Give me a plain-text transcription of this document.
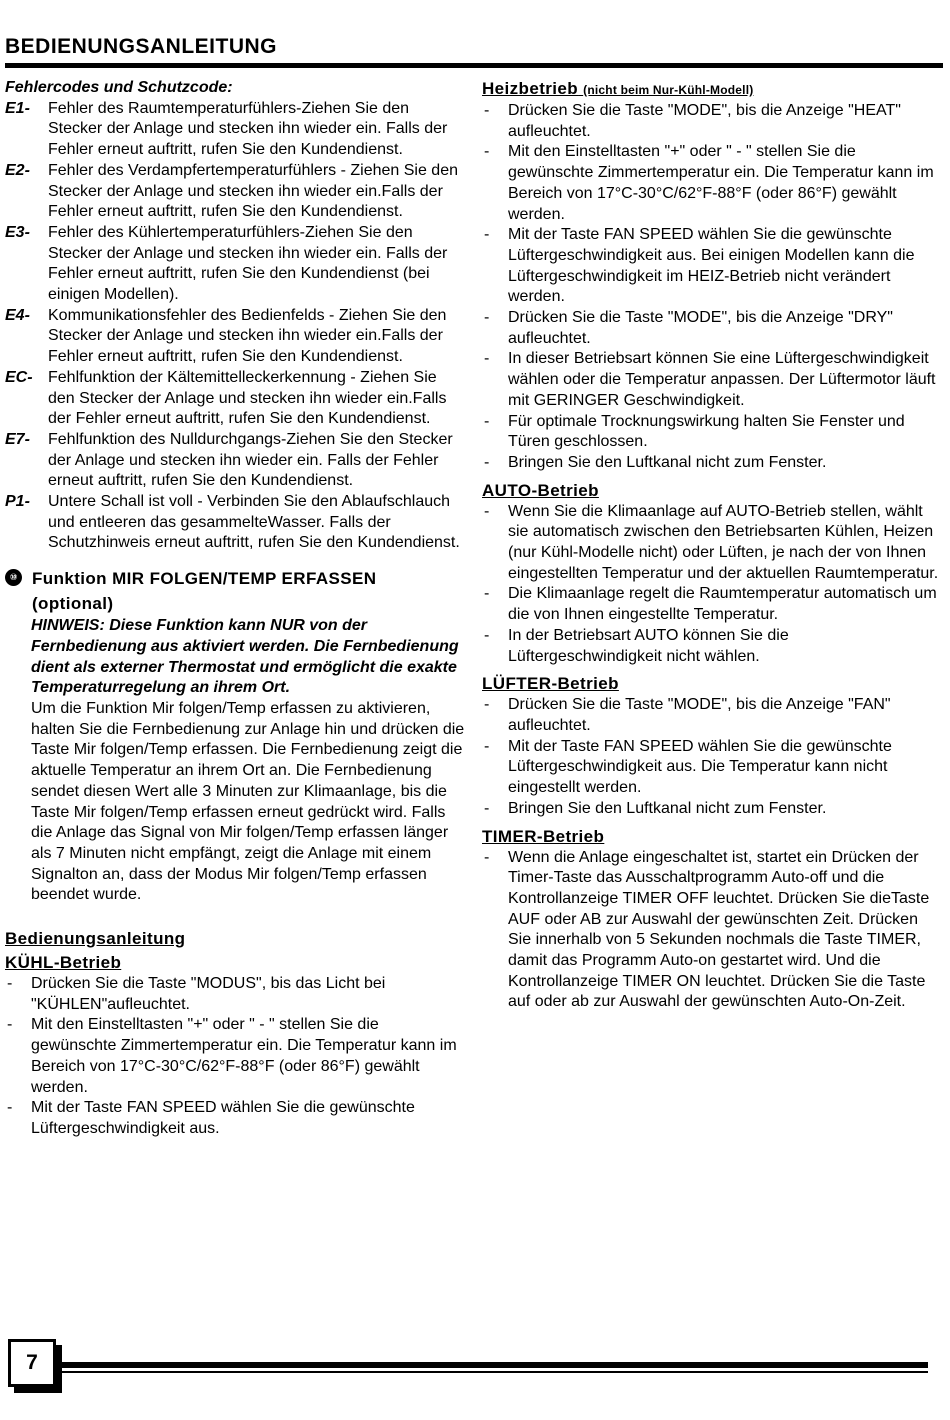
BEDIENUNGSANLEITUNG
Fehlercodes und Schutzcode:
E1-	Fehler des Raumtemperaturfühlers-Ziehen Sie den Stecker der Anlage und stecken ihn wieder ein. Falls der Fehler erneut auftritt, rufen Sie den Kundendienst.
E2-	Fehler des Verdampfertemperaturfühlers - Ziehen Sie den Stecker der Anlage und stecken ihn wieder ein.Falls der Fehler erneut auftritt, rufen Sie den Kundendienst.
E3-	Fehler des Kühlertemperaturfühlers-Ziehen Sie den Stecker der Anlage und stecken ihn wieder ein. Falls der Fehler erneut auftritt, rufen Sie den Kundendienst (bei einigen Modellen).
E4-	Kommunikationsfehler des Bedienfelds - Ziehen Sie den Stecker der Anlage und stecken ihn wieder ein.Falls der Fehler erneut auftritt, rufen Sie den Kundendienst.
EC- Fehlfunktion der Kältemittelleckerkennung - Ziehen Sie den Stecker der Anlage und stecken ihn wieder ein.Falls der Fehler erneut auftritt, rufen Sie den Kundendienst.
E7-	Fehlfunktion des Nulldurchgangs-Ziehen Sie den Stecker der Anlage und stecken ihn wieder ein. Falls der Fehler erneut auftritt, rufen Sie den Kundendienst.
P1-	Untere Schall ist voll - Verbinden Sie den Ablaufschlauch und entleeren das gesammelteWasser. Falls der Schutzhinweis erneut auftritt, rufen Sie den Kundendienst.
⑩ Funktion MIR FOLGEN/TEMP ERFASSEN
(optional)
HINWEIS: Diese Funktion kann NUR von der Fernbedienung aus aktiviert werden. Die Fernbedienung dient als externer Thermostat und ermöglicht die exakte Temperaturregelung an ihrem Ort.
Um die Funktion Mir folgen/Temp erfassen zu aktivieren, halten Sie die Fernbedienung zur Anlage hin und drücken die Taste Mir folgen/Temp erfassen. Die Fernbedienung zeigt die aktuelle Temperatur an ihrem Ort an. Die Fernbedienung sendet diesen Wert alle 3 Minuten zur Klimaanlage, bis die Taste Mir folgen/Temp erfassen erneut gedrückt wird. Falls die Anlage das Signal von Mir folgen/Temp erfassen länger als 7 Minuten nicht empfängt, zeigt die Anlage mit einem Signalton an, dass der Modus Mir folgen/Temp erfassen beendet wurde.
Bedienungsanleitung
KÜHL-Betrieb
-	Drücken Sie die Taste "MODUS", bis das Licht bei "KÜHLEN"aufleuchtet.
-	Mit den Einstelltasten "+" oder " - " stellen Sie die gewünschte Zimmertemperatur ein. Die Temperatur kann im Bereich von 17°C-30°C/62°F-88°F (oder 86°F) gewählt werden.
-	Mit der Taste FAN SPEED wählen Sie die gewünschte Lüftergeschwindigkeit aus.
Heizbetrieb (nicht beim Nur-Kühl-Modell)
-	Drücken Sie die Taste "MODE", bis die Anzeige "HEAT" aufleuchtet.
-	Mit den Einstelltasten "+" oder " - " stellen Sie die gewünschte Zimmertemperatur ein. Die Temperatur kann im Bereich von 17°C-30°C/62°F-88°F (oder 86°F) gewählt werden.
-	Mit der Taste FAN SPEED wählen Sie die gewünschte Lüftergeschwindigkeit aus. Bei einigen Modellen kann die Lüftergeschwindigkeit im HEIZ-Betrieb nicht verändert werden.
-	Drücken Sie die Taste "MODE", bis die Anzeige "DRY" aufleuchtet.
-	In dieser Betriebsart können Sie eine Lüftergeschwindigkeit wählen oder die Temperatur anpassen. Der Lüftermotor läuft mit GERINGER Geschwindigkeit.
-	Für optimale Trocknungswirkung halten Sie Fenster und Türen geschlossen.
-	Bringen Sie den Luftkanal nicht zum Fenster.
AUTO-Betrieb
-	Wenn Sie die Klimaanlage auf AUTO-Betrieb stellen, wählt sie automatisch zwischen den Betriebsarten Kühlen, Heizen (nur Kühl-Modelle nicht) oder Lüften, je nach der von Ihnen eingestellten Temperatur und der aktuellen Raumtemperatur.
-	Die Klimaanlage regelt die Raumtemperatur automatisch um die von Ihnen eingestellte Temperatur.
-	In der Betriebsart AUTO können Sie die Lüftergeschwindigkeit nicht wählen.
LÜFTER-Betrieb
-	Drücken Sie die Taste "MODE", bis die Anzeige "FAN" aufleuchtet.
-	Mit der Taste FAN SPEED wählen Sie die gewünschte Lüftergeschwindigkeit aus. Die Temperatur kann nicht eingestellt werden.
-	Bringen Sie den Luftkanal nicht zum Fenster.
TIMER-Betrieb
-	Wenn die Anlage eingeschaltet ist, startet ein Drücken der Timer-Taste das Ausschaltprogramm Auto-off und die Kontrollanzeige TIMER OFF leuchtet. Drücken Sie dieTaste AUF oder AB zur Auswahl der gewünschten Zeit. Drücken Sie innerhalb von 5 Sekunden nochmals die Taste TIMER, damit das Programm Auto-on gestartet wird. Und die Kontrollanzeige TIMER ON leuchtet. Drücken Sie die Taste auf oder ab zur Auswahl der gewünschten Auto-On-Zeit.
7
